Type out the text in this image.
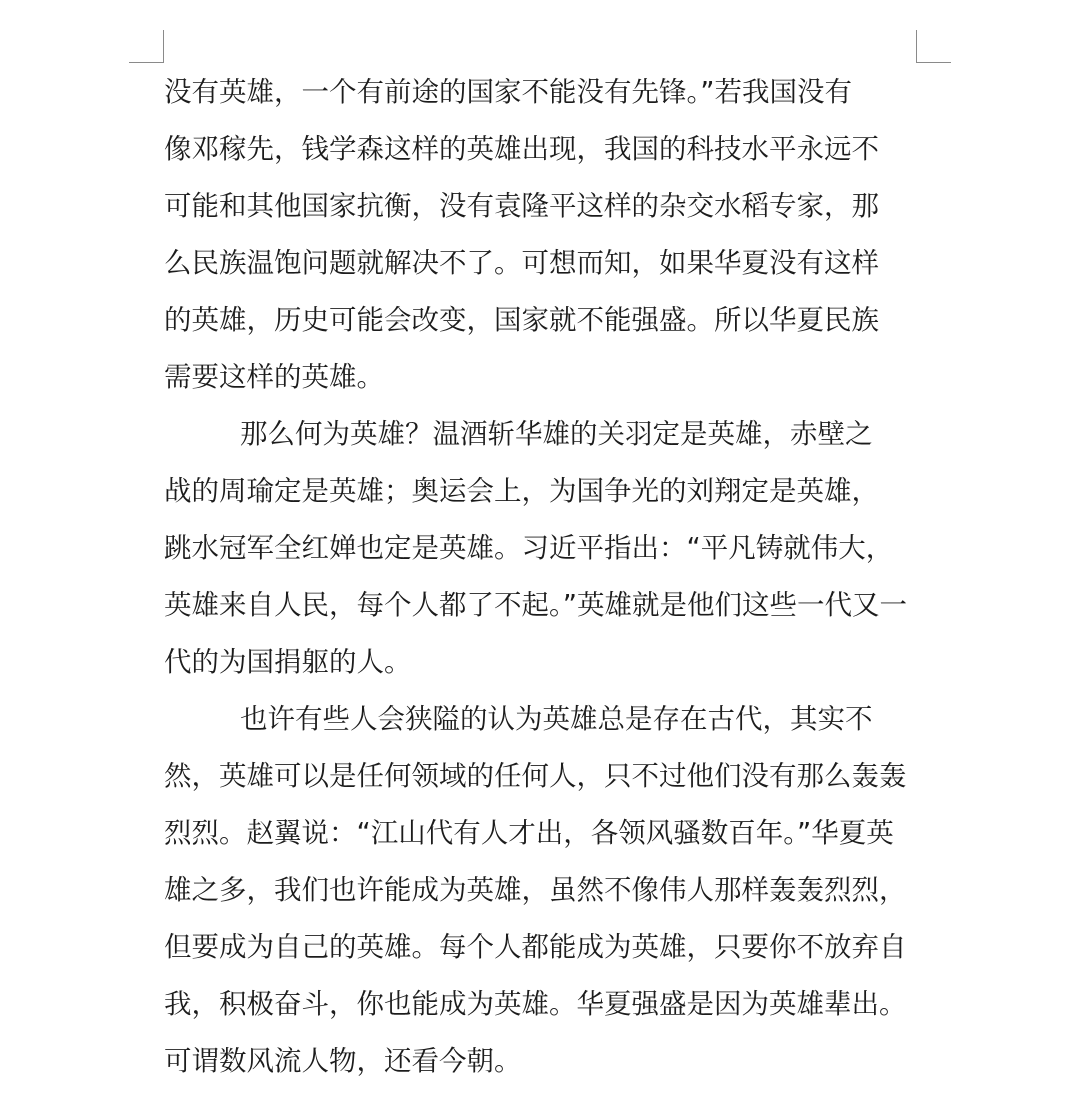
没有英雄，一个有前途的国家不能没有先锋。”若我国没有
像邓稼先，钱学森这样的英雄出现，我国的科技水平永远不
可能和其他国家抗衡，没有袁隆平这样的杂交水稻专家，那
么民族温饱问题就解决不了。可想而知，如果华夏没有这样
的英雄，历史可能会改变，国家就不能强盛。所以华夏民族
需要这样的英雄。
那么何为英雄？温酒斩华雄的关羽定是英雄，赤壁之
战的周瑜定是英雄；奥运会上，为国争光的刘翔定是英雄，
跳水冠军全红婵也定是英雄。习近平指出：“平凡铸就伟大，
英雄来自人民，每个人都了不起。”英雄就是他们这些一代又一
代的为国捐躯的人。
也许有些人会狭隘的认为英雄总是存在古代，其实不
然，英雄可以是任何领域的任何人，只不过他们没有那么轰轰
烈烈。赵翼说：“江山代有人才出，各领风骚数百年。”华夏英
雄之多，我们也许能成为英雄，虽然不像伟人那样轰轰烈烈，
但要成为自己的英雄。每个人都能成为英雄，只要你不放弃自
我，积极奋斗，你也能成为英雄。华夏强盛是因为英雄辈出。
可谓数风流人物，还看今朝。
